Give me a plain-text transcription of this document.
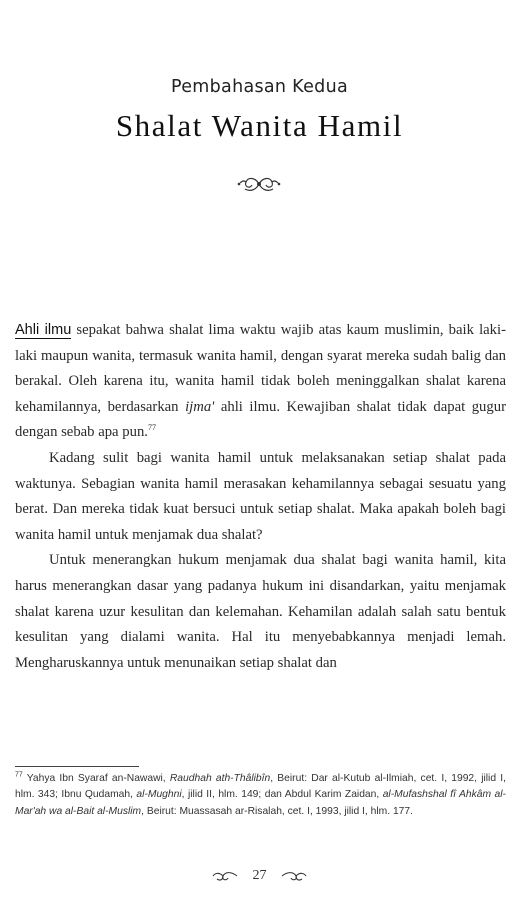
Pembahasan Kedua
Shalat Wanita Hamil

Ahli ilmu sepakat bahwa shalat lima waktu wajib atas kaum muslimin, baik laki-laki maupun wanita, termasuk wanita hamil, dengan syarat mereka sudah balig dan berakal. Oleh karena itu, wanita hamil tidak boleh meninggalkan shalat karena kehamilannya, berdasarkan ijma' ahli ilmu. Kewajiban shalat tidak dapat gugur dengan sebab apa pun.$^{77}$

Kadang sulit bagi wanita hamil untuk melaksanakan setiap shalat pada waktunya. Sebagian wanita hamil merasakan kehamilannya sebagai sesuatu yang berat. Dan mereka tidak kuat bersuci untuk setiap shalat. Maka apakah boleh bagi wanita hamil untuk menjamak dua shalat?

Untuk menerangkan hukum menjamak dua shalat bagi wanita hamil, kita harus menerangkan dasar yang padanya hukum ini disandarkan, yaitu menjamak shalat karena uzur kesulitan dan kelemahan. Kehamilan adalah salah satu bentuk kesulitan yang dialami wanita. Hal itu menyebabkannya menjadi lemah. Mengharuskannya untuk menunaikan setiap shalat dan

$^{77}$ Yahya Ibn Syaraf an-Nawawi, Raudhah ath-Thâlibîn, Beirut: Dar al-Kutub al-Ilmiah, cet. I, 1992, jilid I, hlm. 343; Ibnu Qudamah, al-Mughni, jilid II, hlm. 149; dan Abdul Karim Zaidan, al-Mufashshal fî Ahkâm al-Mar'ah wa al-Bait al-Muslim, Beirut: Muassasah ar-Risalah, cet. I, 1993, jilid I, hlm. 177.
27
